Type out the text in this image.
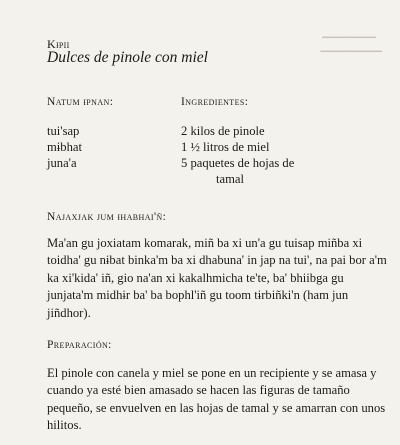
▔▔▔▔▔▔▔
▔▔▔▔▔▔▔▔
Kɨpii
Dulces de pinole con miel
Natum ɨpnan:	Ingredientes:
tui'sap	2 kilos de pinole
mɨbhat	1 ½ litros de miel
juna'a	5 paquetes de hojas de
tamal
Najaxjak jum ɨhabhai'ñ:
Ma'an gu joxiatam komarak, miñ ba xi un'a gu tuisap miñba xi toidha' gu nɨbat binka'm ba xi dhabuna' in jap na tui', na pai bor a'm ka xi'kida' iñ, gio na'an xi kakalhmicha te'te, ba' bhiibga gu junjata'm midhɨr ba' ba bophl'iñ gu toom tɨrbiñki'n (ham jun jiñdhor).
Preparación:
El pinole con canela y miel se pone en un recipiente y se amasa y cuando ya esté bien amasado se hacen las figuras de tamaño pequeño, se envuelven en las hojas de tamal y se amarran con unos hilitos.
